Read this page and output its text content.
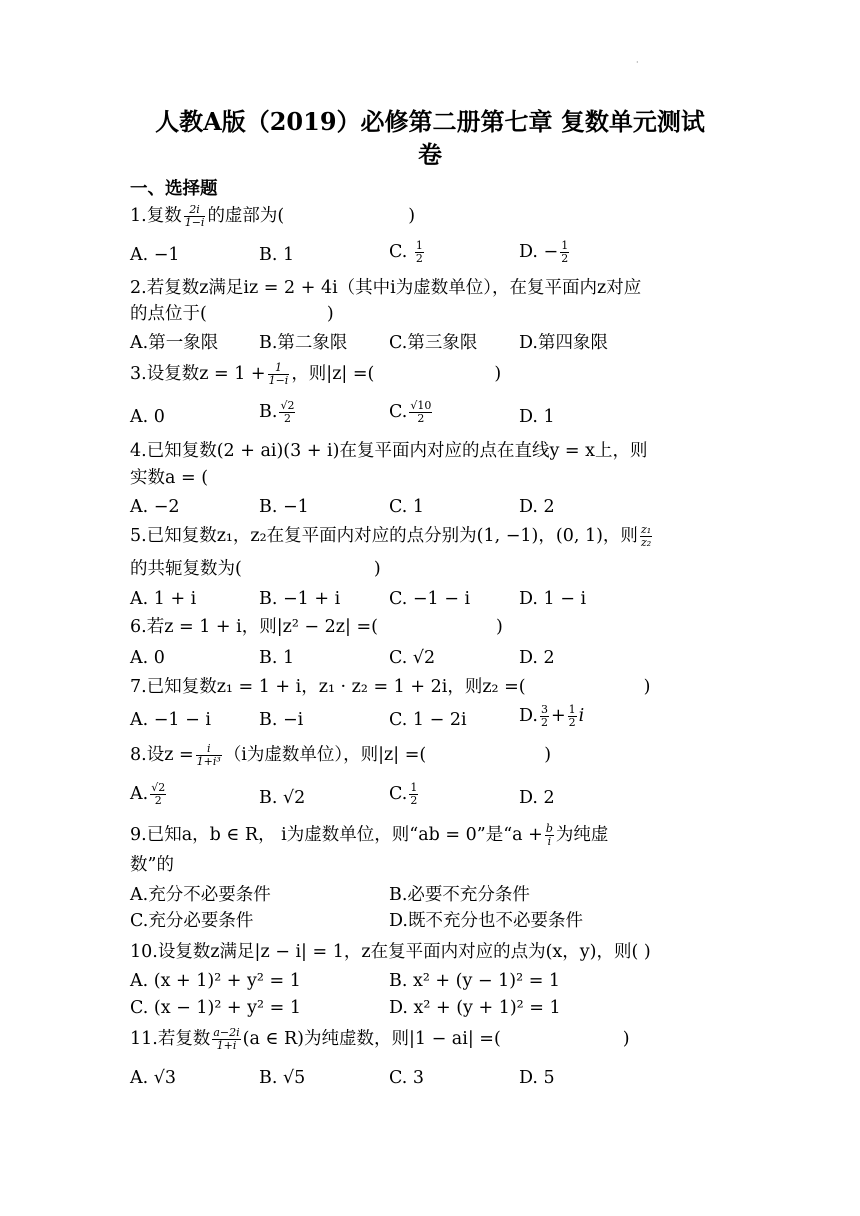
·
人教A版（2019）必修第二册第七章 复数单元测试
卷
一、选择题
1.复数 $\frac{2i}{1-i}$ 的虚部为(	)
A. −1	B. 1	C. $\frac{1}{2}$	D. − $\frac{1}{2}$
2.若复数z满足iz = 2 + 4i（其中i为虚数单位），在复平面内z对应
的点位于(	)
A.第一象限 B.第二象限 C.第三象限 D.第四象限
3.设复数$z = 1 + \frac{1}{1-i}$ ，则|z| =(	)
A. 0	B. $\frac{√2}{2}$	C. $\frac{√10}{2}$	D. 1
4.已知复数(2 + ai)(3 + i)在复平面内对应的点在直线y = x上，则
实数a = (
A. −2	B. −1	C. 1	D. 2
5.已知复数z₁，z₂在复平面内对应的点分别为(1, −1)，(0, 1)，则 $\frac{\text{z₁}}{\text{z₂}}$
的共轭复数为(	)
A. 1 + i	B. −1 + i	C. −1 − i	D. 1 − i
6.若z = 1 + i，则|z² − 2z| =(	)
A. 0	B. 1	C. √2	D. 2
7.已知复数z₁ = 1 + i，z₁ · z₂ = 1 + 2i，则z₂ =(	)
A. −1 − i	B. −i	C. 1 − 2i	D. $\frac{3}{2} + \frac{1}{2}$ i
8.设$z = \frac{i}{\text{1+i³}} (i$为虚数单位），则|z| =(	)
A. $\frac{√2}{2}$	B. √2	C. $\frac{1}{2}$	D. 2
9.已知a，b ∈ R， i为虚数单位，则“ab = 0”是“$a + \frac{b}{i}$ 为纯虚
数”的
A.充分不必要条件	B.必要不充分条件
C.充分必要条件	D.既不充分也不必要条件
10.设复数z满足|z − i| = 1，z在复平面内对应的点为(x，y)，则( )
A. (x + 1)² + y² = 1	B. x² + (y − 1)² = 1
C. (x − 1)² + y² = 1	D. x² + (y + 1)² = 1
11.若复数 $\frac{a-2i}{1+i} (a$ ∈ R)为纯虚数，则|1 − ai| =(	)
A. √3	B. √5	C. 3	D. 5
